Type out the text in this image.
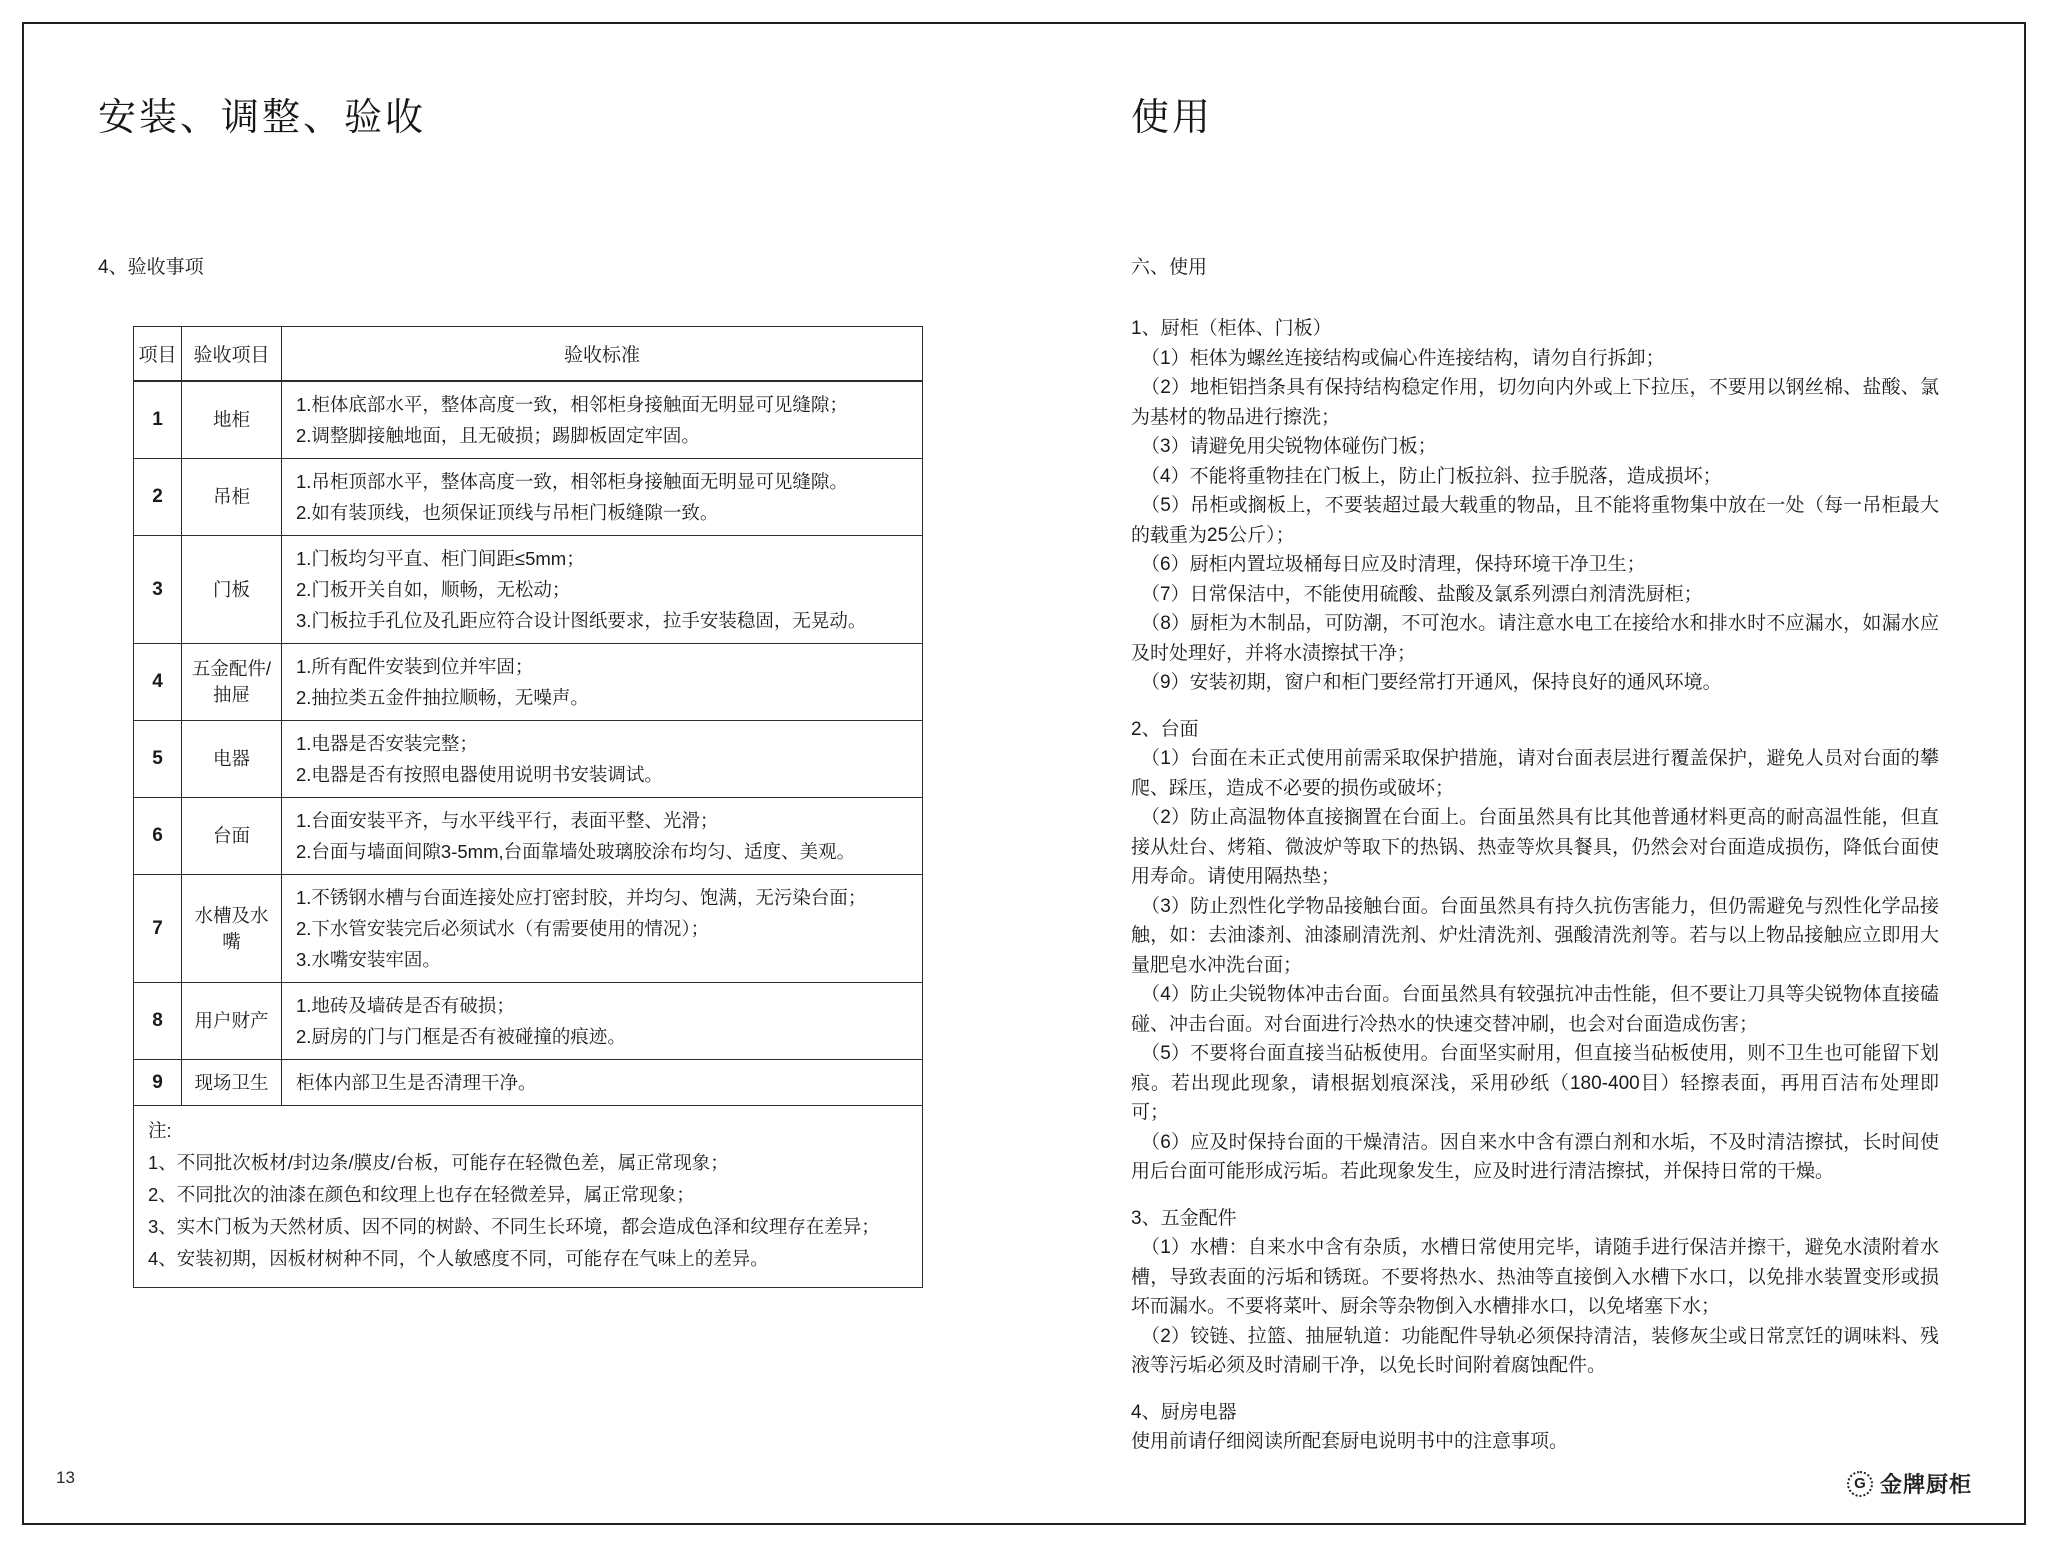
安装、调整、验收
4、验收事项
项目	验收项目	验收标准
1	地柜	1.柜体底部水平，整体高度一致，相邻柜身接触面无明显可见缝隙；
2.调整脚接触地面，且无破损；踢脚板固定牢固。

2	吊柜	1.吊柜顶部水平，整体高度一致，相邻柜身接触面无明显可见缝隙。
2.如有装顶线，也须保证顶线与吊柜门板缝隙一致。

3	门板	1.门板均匀平直、柜门间距≤5mm；
2.门板开关自如，顺畅，无松动；
3.门板拉手孔位及孔距应符合设计图纸要求，拉手安装稳固，无晃动。

4	五金配件/抽屉	1.所有配件安装到位并牢固；
2.抽拉类五金件抽拉顺畅，无噪声。

5	电器	1.电器是否安装完整；
2.电器是否有按照电器使用说明书安装调试。

6	台面	1.台面安装平齐，与水平线平行，表面平整、光滑；
2.台面与墙面间隙3-5mm,台面靠墙处玻璃胶涂布均匀、适度、美观。

7	水槽及水嘴	1.不锈钢水槽与台面连接处应打密封胶，并均匀、饱满，无污染台面；
2.下水管安装完后必须试水（有需要使用的情况）；
3.水嘴安装牢固。

8	用户财产	1.地砖及墙砖是否有破损；
2.厨房的门与门框是否有被碰撞的痕迹。

9	现场卫生	柜体内部卫生是否清理干净。

注:
1、不同批次板材/封边条/膜皮/台板，可能存在轻微色差，属正常现象；
2、不同批次的油漆在颜色和纹理上也存在轻微差异，属正常现象；
3、实木门板为天然材质、因不同的树龄、不同生长环境，都会造成色泽和纹理存在差异；
4、安装初期，因板材树种不同，个人敏感度不同，可能存在气味上的差异。		
使用
六、使用

1、厨柜（柜体、门板）

（1）柜体为螺丝连接结构或偏心件连接结构，请勿自行拆卸；

（2）地柜铝挡条具有保持结构稳定作用，切勿向内外或上下拉压，不要用以钢丝棉、盐酸、氯为基材的物品进行擦洗；

（3）请避免用尖锐物体碰伤门板；

（4）不能将重物挂在门板上，防止门板拉斜、拉手脱落，造成损坏；

（5）吊柜或搁板上，不要装超过最大载重的物品，且不能将重物集中放在一处（每一吊柜最大的载重为25公斤）；

（6）厨柜内置垃圾桶每日应及时清理，保持环境干净卫生；

（7）日常保洁中，不能使用硫酸、盐酸及氯系列漂白剂清洗厨柜；

（8）厨柜为木制品，可防潮，不可泡水。请注意水电工在接给水和排水时不应漏水，如漏水应及时处理好，并将水渍擦拭干净；

（9）安装初期，窗户和柜门要经常打开通风，保持良好的通风环境。

2、台面

（1）台面在未正式使用前需采取保护措施，请对台面表层进行覆盖保护，避免人员对台面的攀爬、踩压，造成不必要的损伤或破坏；

（2）防止高温物体直接搁置在台面上。台面虽然具有比其他普通材料更高的耐高温性能，但直接从灶台、烤箱、微波炉等取下的热锅、热壶等炊具餐具，仍然会对台面造成损伤，降低台面使用寿命。请使用隔热垫；

（3）防止烈性化学物品接触台面。台面虽然具有持久抗伤害能力，但仍需避免与烈性化学品接触，如：去油漆剂、油漆刷清洗剂、炉灶清洗剂、强酸清洗剂等。若与以上物品接触应立即用大量肥皂水冲洗台面；

（4）防止尖锐物体冲击台面。台面虽然具有较强抗冲击性能，但不要让刀具等尖锐物体直接磕碰、冲击台面。对台面进行冷热水的快速交替冲刷，也会对台面造成伤害；

（5）不要将台面直接当砧板使用。台面坚实耐用，但直接当砧板使用，则不卫生也可能留下划痕。若出现此现象，请根据划痕深浅，采用砂纸（180-400目）轻擦表面，再用百洁布处理即可；

（6）应及时保持台面的干燥清洁。因自来水中含有漂白剂和水垢，不及时清洁擦拭，长时间使用后台面可能形成污垢。若此现象发生，应及时进行清洁擦拭，并保持日常的干燥。

3、五金配件

（1）水槽：自来水中含有杂质，水槽日常使用完毕，请随手进行保洁并擦干，避免水渍附着水槽，导致表面的污垢和锈斑。不要将热水、热油等直接倒入水槽下水口，以免排水装置变形或损坏而漏水。不要将菜叶、厨余等杂物倒入水槽排水口，以免堵塞下水；

（2）铰链、拉篮、抽屉轨道：功能配件导轨必须保持清洁，装修灰尘或日常烹饪的调味料、残液等污垢必须及时清刷干净，以免长时间附着腐蚀配件。

4、厨房电器

使用前请仔细阅读所配套厨电说明书中的注意事项。

13	G 金牌厨柜
